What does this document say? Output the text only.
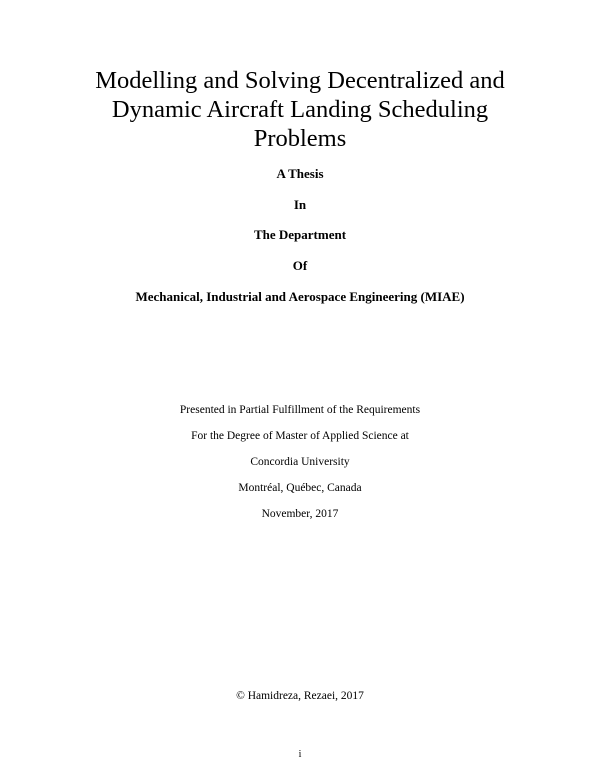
Modelling and Solving Decentralized and
Dynamic Aircraft Landing Scheduling
Problems
A Thesis
In
The Department
Of
Mechanical, Industrial and Aerospace Engineering (MIAE)
Presented in Partial Fulfillment of the Requirements
For the Degree of Master of Applied Science at
Concordia University
Montréal, Québec, Canada
November, 2017
© Hamidreza, Rezaei, 2017
i
